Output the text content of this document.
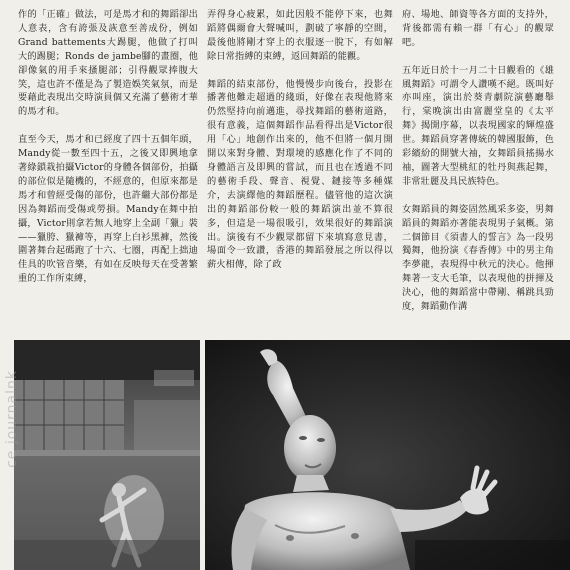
作的「正確」做法，可是馬才和的舞蹈卻出人意表，含有誇張及詼意至善成份，例如Grand battements大踢腿，他做了打叫大的踢腿；Ronds de jambe腳的畫圈，他卻像氣的用手來搔腿部；引得觀眾捧腹大笑，這也許不僅是為了製造娛笑氣氛，而是要藉此表現出交時演員個又充滿了藝術才華的馬才和。

直至今天，馬才和已經度了四十五個年頭，Mandy從一數至四十五，之後又即興地拿著綠鎖栽拍攝Victor的身體各個部份，拍攝的部位似是隨機的，不經意的，但原來都是馬才和曾經受傷的部份，也許繼大部份都是因為舞蹈而受傷或勞損。Mandy在舞中拍攝，Victor則拿若無人地穿上全副「獵」裝——獵胯、獵褲等，再穿上白衫黑褲，然後圍著舞台起碼跑了十六、七圈，再配上拙迪佳具的吹管音樂，有如在反映每天在受著繁重的工作所束縛，
弄得身心疲累，如此因般不能停下來，也舞蹈將偶爾會大聲喊叫，劃破了寧靜的空間，最後他將剛才穿上的衣服逐一脫下，有如解除日常指縛的束縛，返回舞蹈的能觀。

舞蹈的結束部份，他慢慢步向後台，投影在播著他難走超過的綫頭，好像在表現他將來仍然堅持向前邁進，尋找舞蹈的藝術道路，很有意義，這個舞蹈作品看得出是Victor很用「心」地創作出來的，他不但將一個月開開以來對身體、對環境的感應化作了不同的身體語言及即興的嘗試，而且也在透過不同的藝術手段、聲音、視覺、鏈接等多種媒介，去演繹他的舞蹈歷程。儘管他的這次演出的舞蹈部份較一般的舞蹈演出並不算很多，但這是一場很吸引，效果很好的舞蹈演出。演後有不少觀眾都留下來填寫意見書，場面令一致讚，香港的舞蹈發展之所以得以薪火相傳，除了政
府、場地、師資等各方面的支持外，背後都需有賴一群「有心」的觀眾吧。

五年近日於十一月二十日觀看的《雄風舞蹈》可謂令人讚嘆不絕。既叫好亦叫座，演出於葵青劇院演藝廳舉行，棠晚演出由富麗堂皇的《太平舞》揭開序幕，以表現國家的輝煌盛世。舞蹈員穿著傳統的韓國服飾，色彩繽紛的開號大袖，女舞蹈員搖揚水袖，圖著大型桃紅的牡丹與燕起舞，非常壯麗及具民族特色。

女舞蹈員的舞姿固然風采多姿，男舞蹈員的舞蹈亦著能表現男子氣概。第二個節目《須書人的誓言》為一段男獨舞，他扮演《春香傳》中的男主角李夢龍，表現得中秋元的決心。他揮舞著一支大毛筆，以表現他的拼揮及決心，他的舞蹈當中帶剛、稱跳具勁度，舞蹈動作溝
ce journalnk
